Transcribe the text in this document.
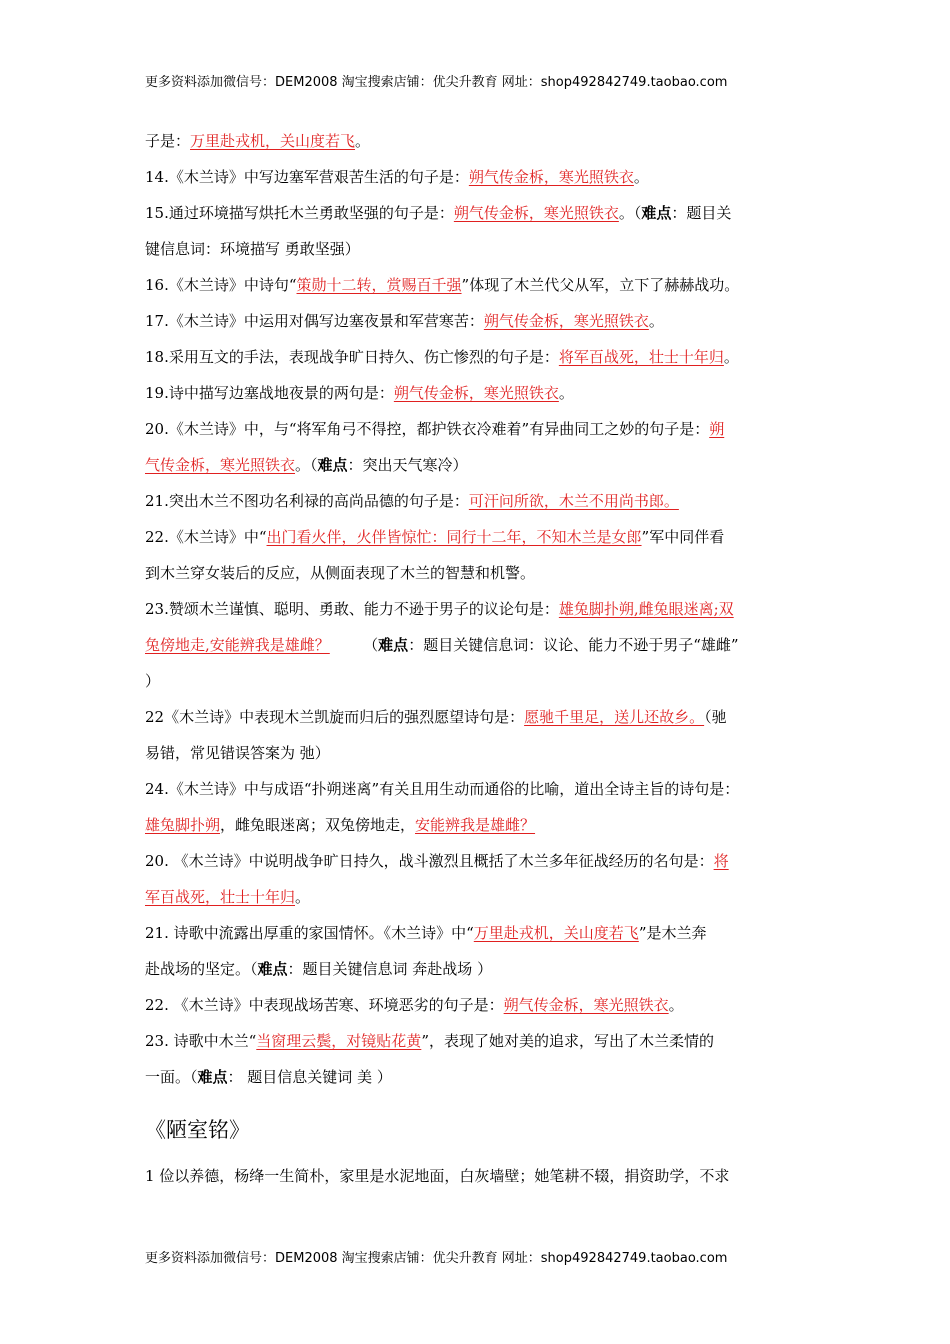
更多资料添加微信号：DEM2008 淘宝搜索店铺：优尖升教育 网址：shop492842749.taobao.com
子是：万里赴戎机，关山度若飞。
14.《木兰诗》中写边塞军营艰苦生活的句子是：朔气传金柝，寒光照铁衣。
15.通过环境描写烘托木兰勇敢坚强的句子是：朔气传金柝，寒光照铁衣。（难点：题目关
键信息词：环境描写 勇敢坚强）
16.《木兰诗》中诗句“策勋十二转，赏赐百千强”体现了木兰代父从军，立下了赫赫战功。
17.《木兰诗》中运用对偶写边塞夜景和军营寒苦：朔气传金柝，寒光照铁衣。
18.采用互文的手法，表现战争旷日持久、伤亡惨烈的句子是：将军百战死，壮士十年归。
19.诗中描写边塞战地夜景的两句是：朔气传金柝，寒光照铁衣。
20.《木兰诗》中，与“将军角弓不得控，都护铁衣冷难着”有异曲同工之妙的句子是：朔
气传金柝，寒光照铁衣。（难点：突出天气寒冷）
21.突出木兰不图功名利禄的高尚品德的句子是：可汗问所欲，木兰不用尚书郎。
22.《木兰诗》中“出门看火伴，火伴皆惊忙：同行十二年，不知木兰是女郎”军中同伴看
到木兰穿女装后的反应，从侧面表现了木兰的智慧和机警。
23.赞颂木兰谨慎、聪明、勇敢、能力不逊于男子的议论句是：雄兔脚扑朔,雌兔眼迷离;双
兔傍地走,安能辨我是雄雌？       （难点：题目关键信息词：议论、能力不逊于男子“雄雌”
）
22《木兰诗》中表现木兰凯旋而归后的强烈愿望诗句是：愿驰千里足，送儿还故乡。（驰
易错，常见错误答案为 弛）
24.《木兰诗》中与成语“扑朔迷离”有关且用生动而通俗的比喻，道出全诗主旨的诗句是：
雄兔脚扑朔，雌兔眼迷离；双兔傍地走，安能辨我是雄雌？
20. 《木兰诗》中说明战争旷日持久，战斗激烈且概括了木兰多年征战经历的名句是：将
军百战死，壮士十年归。
21. 诗歌中流露出厚重的家国情怀。《木兰诗》中“万里赴戎机，关山度若飞”是木兰奔
赴战场的坚定。（难点：题目关键信息词 奔赴战场 ）
22. 《木兰诗》中表现战场苦寒、环境恶劣的句子是：朔气传金柝，寒光照铁衣。
23. 诗歌中木兰“当窗理云鬓，对镜贴花黄”，表现了她对美的追求，写出了木兰柔情的
一面。（难点： 题目信息关键词 美 ）
《陋室铭》
1 俭以养德，杨绛一生简朴，家里是水泥地面，白灰墙壁；她笔耕不辍，捐资助学，不求
更多资料添加微信号：DEM2008 淘宝搜索店铺：优尖升教育 网址：shop492842749.taobao.com
